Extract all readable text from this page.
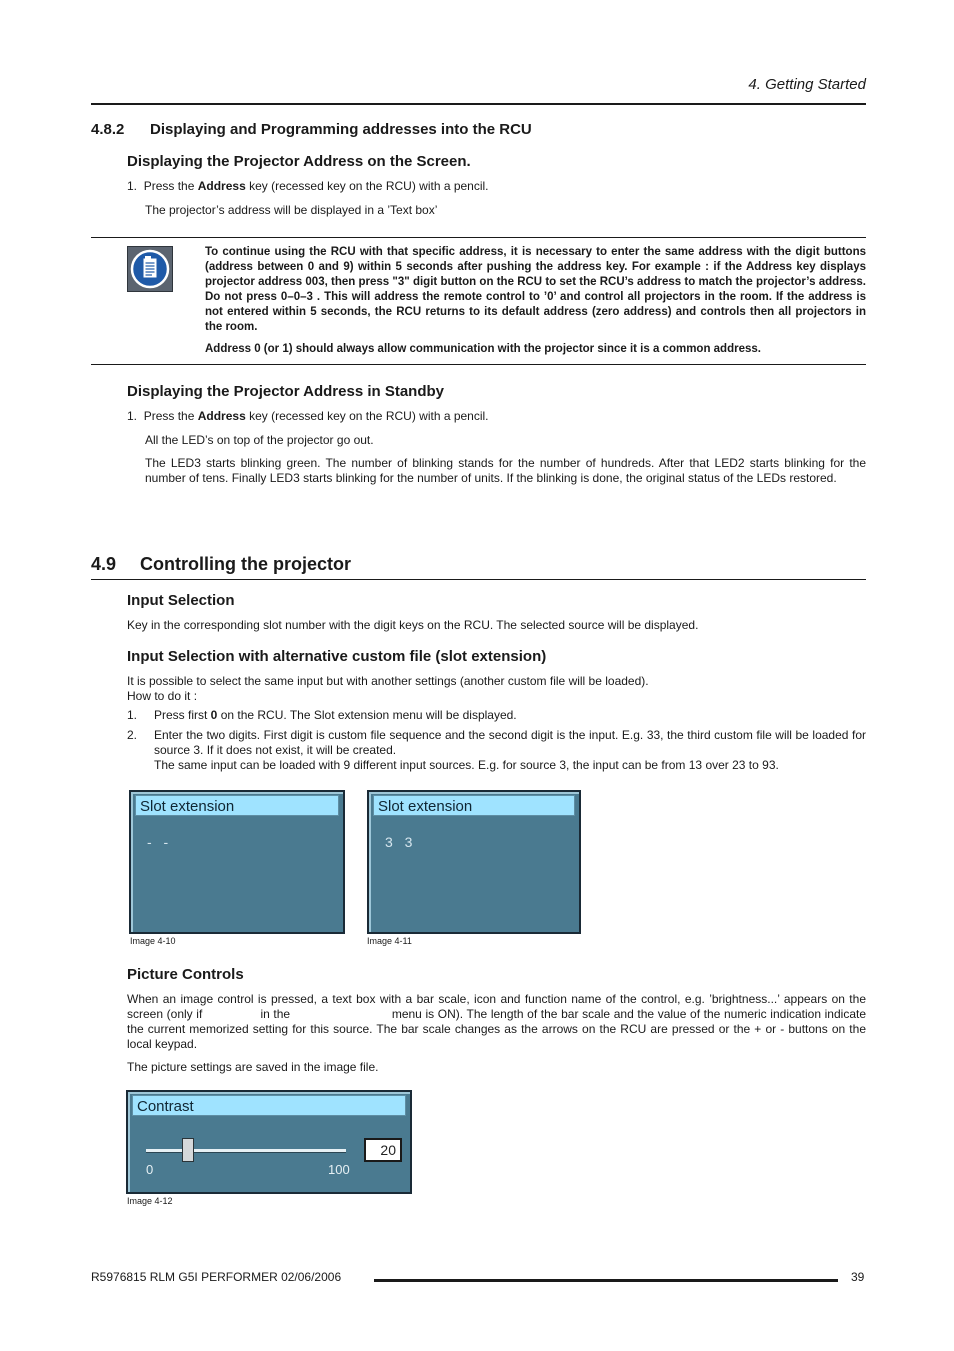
4. Getting Started
4.8.2 Displaying and Programming addresses into the RCU
Displaying the Projector Address on the Screen.
1. Press the Address key (recessed key on the RCU) with a pencil.
The projector’s address will be displayed in a ’Text box’
To continue using the RCU with that specific address, it is necessary to enter the same address with the digit buttons (address between 0 and 9) within 5 seconds after pushing the address key. For example : if the Address key displays projector address 003, then press "3" digit button on the RCU to set the RCU’s address to match the projector’s address. Do not press 0–0–3 . This will address the remote control to ’0’ and control all projectors in the room. If the address is not entered within 5 seconds, the RCU returns to its default address (zero address) and controls then all projectors in the room.
Address 0 (or 1) should always allow communication with the projector since it is a common address.
Displaying the Projector Address in Standby
1. Press the Address key (recessed key on the RCU) with a pencil.
All the LED’s on top of the projector go out.
The LED3 starts blinking green. The number of blinking stands for the number of hundreds. After that LED2 starts blinking for the number of tens. Finally LED3 starts blinking for the number of units. If the blinking is done, the original status of the LEDs restored.
4.9 Controlling the projector
Input Selection
Key in the corresponding slot number with the digit keys on the RCU. The selected source will be displayed.
Input Selection with alternative custom file (slot extension)
It is possible to select the same input but with another settings (another custom file will be loaded).
How to do it :
1. Press first 0 on the RCU. The Slot extension menu will be displayed.
2. Enter the two digits. First digit is custom file sequence and the second digit is the input. E.g. 33, the third custom file will be loaded for source 3. If it does not exist, it will be created.
The same input can be loaded with 9 different input sources. E.g. for source 3, the input can be from 13 over 23 to 93.
Slot extension
- -
Image 4-10
Slot extension
3 3
Image 4-11
Picture Controls
When an image control is pressed, a text box with a bar scale, icon and function name of the control, e.g. ’brightness...’ appears on the screen (only if	in the	menu is ON). The length of the bar scale and the value of the numeric indication indicate the current memorized setting for this source. The bar scale changes as the arrows on the RCU are pressed or the + or - buttons on the local keypad.
The picture settings are saved in the image file.
Contrast
0	100
20
Image 4-12
R5976815 RLM G5I PERFORMER 02/06/2006	39
